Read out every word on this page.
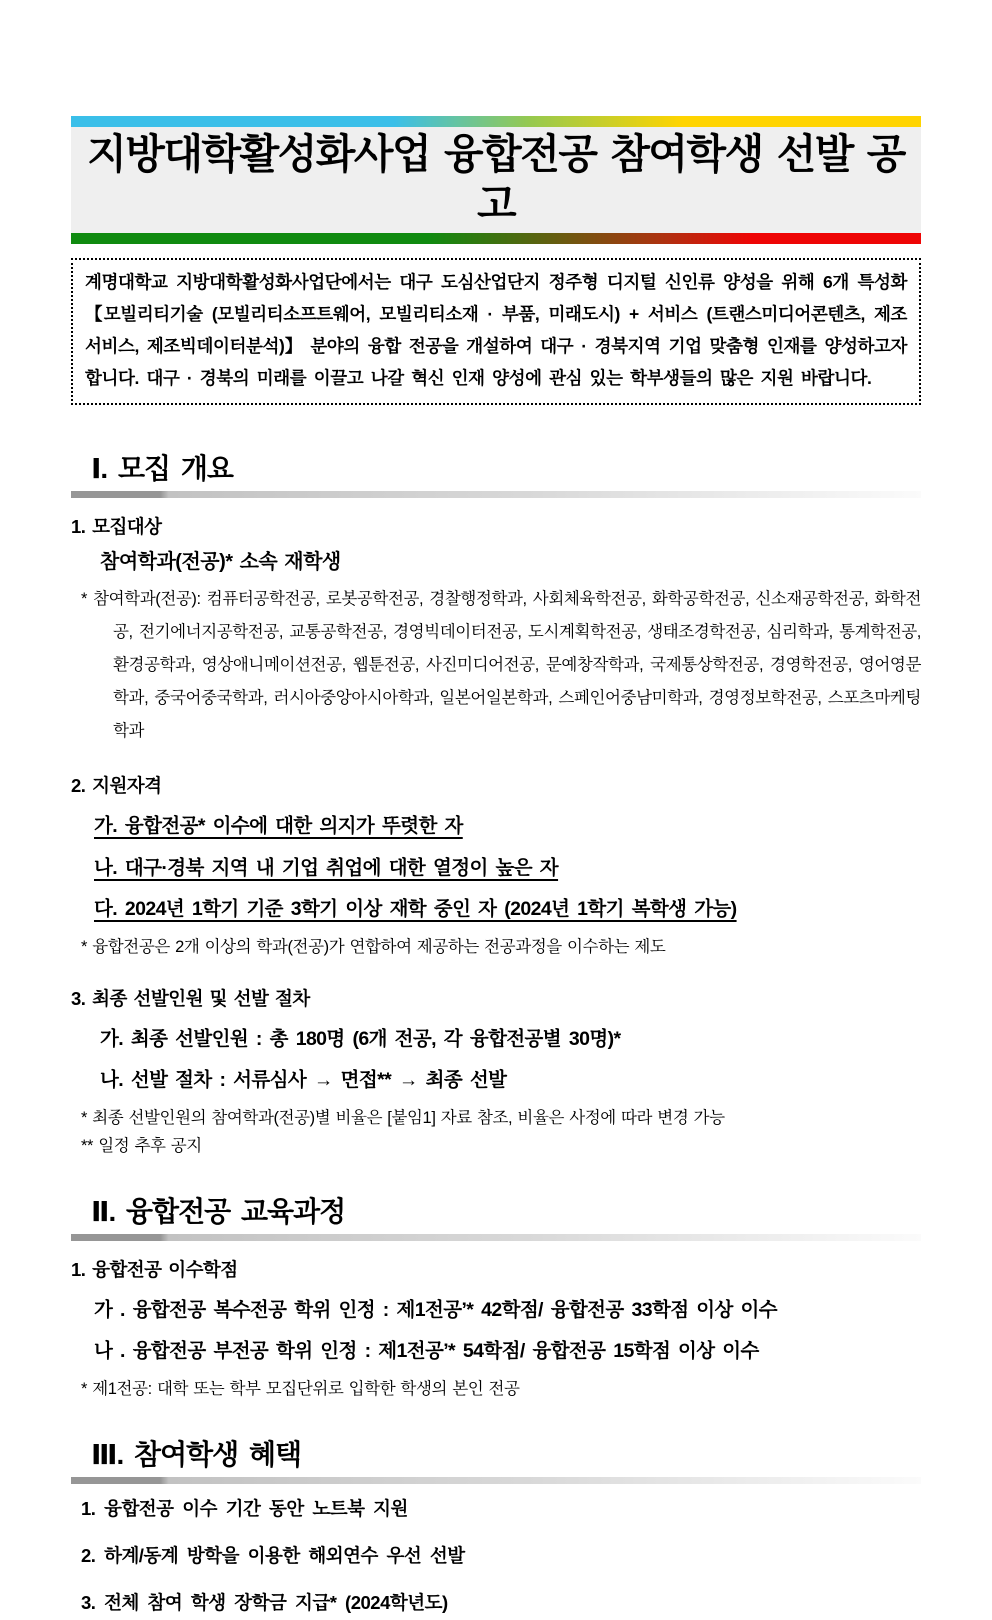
지방대학활성화사업 융합전공 참여학생 선발 공고

계명대학교 지방대학활성화사업단에서는 대구 도심산업단지 정주형 디지털 신인류 양성을 위해 6개 특성화 【모빌리티기술 (모빌리티소프트웨어, 모빌리티소재 · 부품, 미래도시) + 서비스 (트랜스미디어콘텐츠, 제조서비스, 제조빅데이터분석)】 분야의 융합 전공을 개설하여 대구 · 경북지역 기업 맞춤형 인재를 양성하고자 합니다. 대구 · 경북의 미래를 이끌고 나갈 혁신 인재 양성에 관심 있는 학부생들의 많은 지원 바랍니다.

Ⅰ. 모집 개요
1. 모집대상
참여학과(전공)* 소속 재학생
* 참여학과(전공): 컴퓨터공학전공, 로봇공학전공, 경찰행정학과, 사회체육학전공, 화학공학전공, 신소재공학전공, 화학전공, 전기에너지공학전공, 교통공학전공, 경영빅데이터전공, 도시계획학전공, 생태조경학전공, 심리학과, 통계학전공, 환경공학과, 영상애니메이션전공, 웹툰전공, 사진미디어전공, 문예창작학과, 국제통상학전공, 경영학전공, 영어영문학과, 중국어중국학과, 러시아중앙아시아학과, 일본어일본학과, 스페인어중남미학과, 경영정보학전공, 스포츠마케팅학과
2. 지원자격
가. 융합전공* 이수에 대한 의지가 뚜렷한 자
나. 대구·경북 지역 내 기업 취업에 대한 열정이 높은 자
다. 2024년 1학기 기준 3학기 이상 재학 중인 자 (2024년 1학기 복학생 가능)
* 융합전공은 2개 이상의 학과(전공)가 연합하여 제공하는 전공과정을 이수하는 제도
3. 최종 선발인원 및 선발 절차
가. 최종 선발인원 : 총 180명 (6개 전공, 각 융합전공별 30명)*
나. 선발 절차 : 서류심사 → 면접** → 최종 선발
* 최종 선발인원의 참여학과(전공)별 비율은 [붙임1] 자료 참조, 비율은 사정에 따라 변경 가능
** 일정 추후 공지
Ⅱ. 융합전공 교육과정
1. 융합전공 이수학점
가 . 융합전공 복수전공 학위 인정 : 제1전공’* 42학점/ 융합전공 33학점 이상 이수
나 . 융합전공 부전공 학위 인정 : 제1전공’* 54학점/ 융합전공 15학점 이상 이수
* 제1전공: 대학 또는 학부 모집단위로 입학한 학생의 본인 전공
Ⅲ. 참여학생 혜택
1. 융합전공 이수 기간 동안 노트북 지원
2. 하계/동계 방학을 이용한 해외연수 우선 선발
3. 전체 참여 학생 장학금 지급* (2024학년도)
